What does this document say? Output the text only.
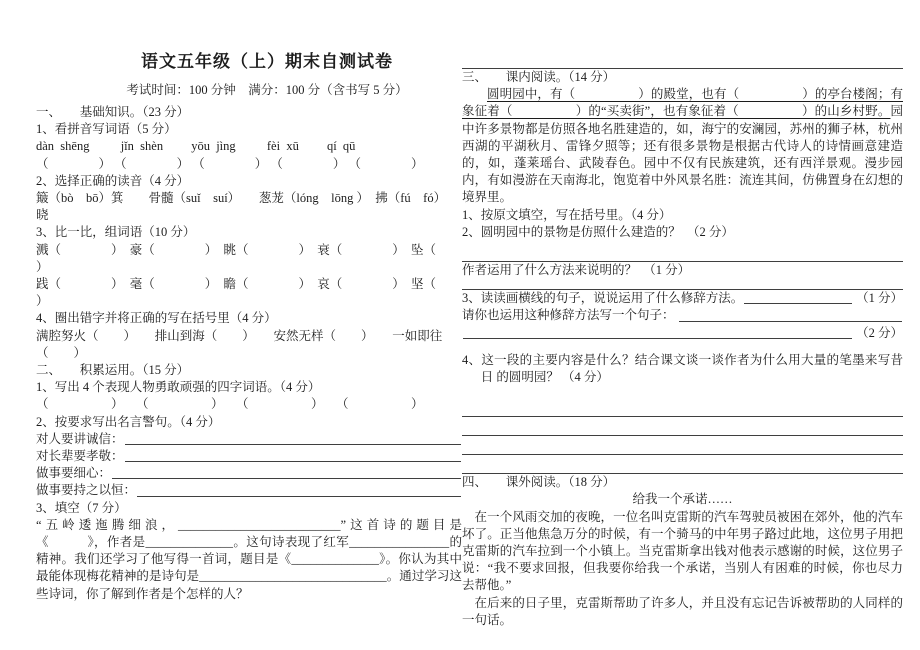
语文五年级（上）期末自测试卷
考试时间：100 分钟　满分：100 分（含书写 5 分）
一、　　基础知识。（23 分）
1、看拼音写词语（5 分）
dàn  shēng　　  jǐn  shèn　　 yōu  jìng　　  fèi  xū　　 qí  qū
（　　　　） （　　　　） （　　　　） （　　　　） （　　　　）
2、选择正确的读音（4 分）
簸（bò　bō）箕　　骨髓（suǐ　suí）　　葱茏（lóng　lōng ）　拂（fú　fó）
晓
3、比一比，组词语（10 分）
溅（　　　　）　豪（　　　　）　眺（　　　　）　衰（　　　　）　坠（
）
践（　　　　）　毫（　　　　）　瞻（　　　　）　哀（　　　　）　坚（
）
4、圈出错字并将正确的写在括号里（4 分）
满腔努火（　　）　　排山到海（　　）　　安然无样（　　）　　一如即往
（　　）
二、　　积累运用。（15 分）
1、写出 4 个表现人物勇敢顽强的四字词语。（4 分）
（　　　　　）　　（　　　　　）　　（　　　　　）　　（　　　　　）
2、按要求写出名言警句。（4 分）
对人要讲诚信：
对长辈要孝敬：
做事要细心：
做事要持之以恒：
3、填空（7 分）
“五岭逶迤腾细浪，__________________________”这首诗的题目是《　　　》，作者是______________。这句诗表现了红军________________的精神。我们还学习了他写得一首词，题目是《______________》。你认为其中最能体现梅花精神的是诗句是______________________________。通过学习这些诗词，你了解到作者是个怎样的人？
三、　　课内阅读。（14 分）
圆明园中，有（　　　　　）的殿堂，也有（　　　　　）的亭台楼阁；有象征着（　　　　　）的“买卖街”，也有象征着（　　　　　）的山乡村野。园中许多景物都是仿照各地名胜建造的，如，海宁的安澜园，苏州的狮子林，杭州西湖的平湖秋月、雷锋夕照等；还有很多景物是根据古代诗人的诗情画意建造的，如，蓬莱瑶台、武陵春色。园中不仅有民族建筑，还有西洋景观。漫步园内，有如漫游在天南海北，饱览着中外风景名胜：流连其间，仿佛置身在幻想的境界里。
1、按原文填空，写在括号里。（4 分）
2、圆明园中的景物是仿照什么建造的？  （2 分）
作者运用了什么方法来说明的？  （1 分）
3、读读画横线的句子，说说运用了什么修辞方法。	（1 分）
请你也运用这种修辞方法写一个句子：
（2 分）
4、这一段的主要内容是什么？结合课文谈一谈作者为什么用大量的笔墨来写昔日 的圆明园？ （4 分）
四、　　课外阅读。（18 分）
给我一个承诺……
在一个风雨交加的夜晚，一位名叫克雷斯的汽车驾驶员被困在郊外，他的汽车坏了。正当他焦急万分的时候，有一个骑马的中年男子路过此地，这位男子用把克雷斯的汽车拉到一个小镇上。当克雷斯拿出钱对他表示感谢的时候，这位男子说：“我不要求回报，但我要你给我一个承诺，当别人有困难的时候，你也尽力去帮他。”
在后来的日子里，克雷斯帮助了许多人，并且没有忘记告诉被帮助的人同样的一句话。
